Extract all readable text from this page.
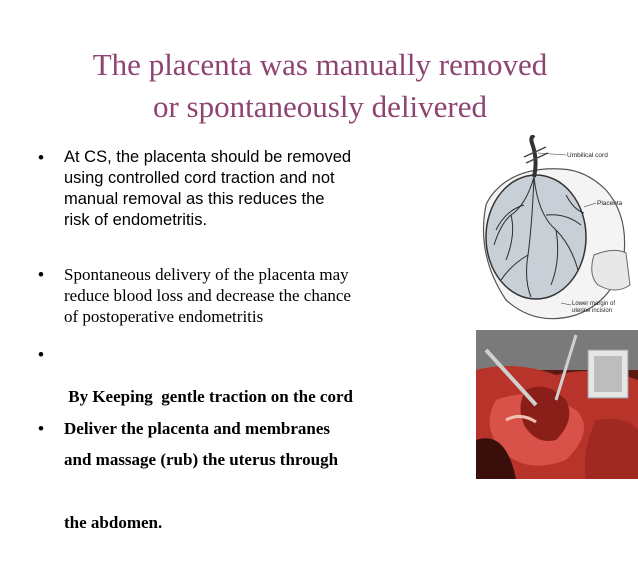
The placenta was manually removed
or spontaneously delivered
• At CS, the placenta should be removed
using controlled cord traction and not
manual removal as this reduces the
risk of endometritis.
• Spontaneous delivery of the placenta may
reduce blood loss and decrease the chance
of postoperative endometritis
•

By Keeping  gentle traction on the cord

and massage (rub) the uterus through

the abdomen.

• Deliver the placenta and membranes
Umbilical cord
Placenta
Lower margin of
uterine incision
